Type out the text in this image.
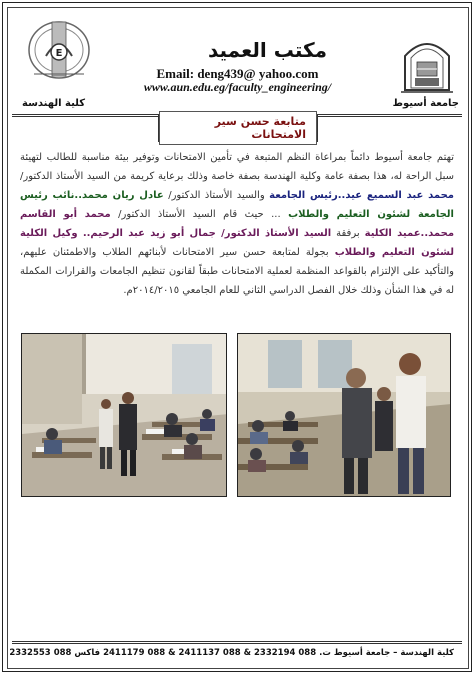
E	مكتب العميد
Email: deng439@ yahoo.com
www.aun.edu.eg/faculty_engineering/
كلية الهندسة	جامعة أسيوط
متابعة حسن سير الامتحانات
تهتم جامعة أسيوط دائماً بمراعاة النظم المتبعة في تأمين الامتحانات وتوفير بيئة مناسبة للطالب لتهيئة سبل الراحة له، هذا بصفة عامة وكلية الهندسة بصفة خاصة وذلك برعاية كريمة من السيد الأستاذ الدكتور/ محمد عبد السميع عيد..رئيس الجامعة والسيد الأستاذ الدكتور/ عادل ريان محمد..نائب رئيس الجامعة لشئون التعليم والطلاب ... حيث قام السيد الأستاذ الدكتور/ محمد أبو القاسم محمد..عميد الكلية برفقة السيد الأستاذ الدكتور/ جمال أبو زيد عبد الرحيم.. وكيل الكلية لشئون التعليم والطلاب بجولة لمتابعة حسن سير الامتحانات لأبنائهم الطلاب والاطمئنان عليهم، والتأكيد على الإلتزام بالقواعد المنظمة لعملية الامتحانات طبقاً لقانون تنظيم الجامعات والقرارات المكملة له في هذا الشأن وذلك خلال الفصل الدراسي الثاني للعام الجامعي ٢٠١٤/٢٠١٥م.
كلية الهندسة – جامعة أسيوط ت. 088 2332194 & 088 2411137 & 088 2411179 فاكس 088 2332553
